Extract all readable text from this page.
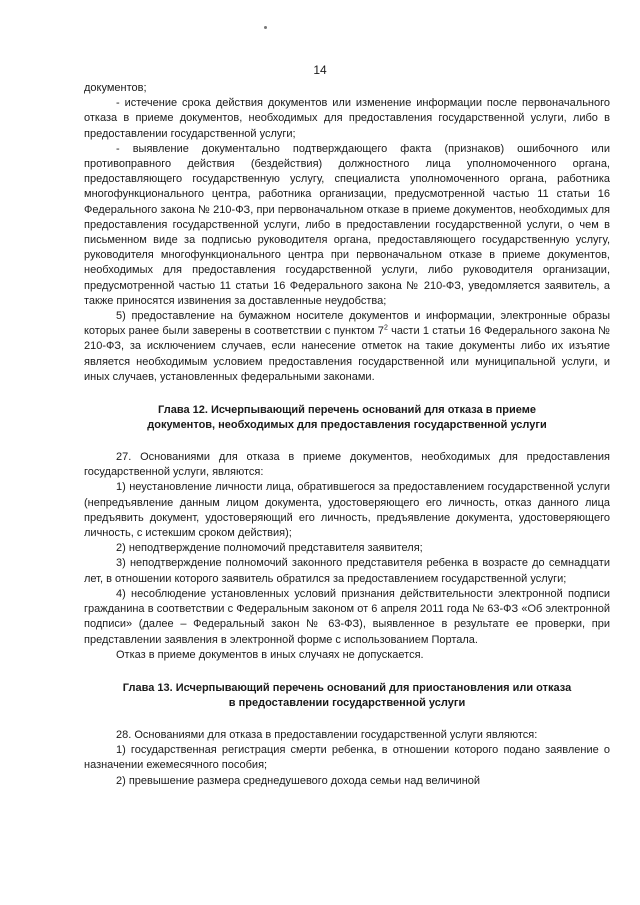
14

документов;

- истечение срока действия документов или изменение информации после первоначального отказа в приеме документов, необходимых для предоставления государственной услуги, либо в предоставлении государственной услуги;

- выявление документально подтверждающего факта (признаков) ошибочного или противоправного действия (бездействия) должностного лица уполномоченного органа, предоставляющего государственную услугу, специалиста уполномоченного органа, работника многофункционального центра, работника организации, предусмотренной частью 11 статьи 16 Федерального закона № 210-ФЗ, при первоначальном отказе в приеме документов, необходимых для предоставления государственной услуги, либо в предоставлении государственной услуги, о чем в письменном виде за подписью руководителя органа, предоставляющего государственную услугу, руководителя многофункционального центра при первоначальном отказе в приеме документов, необходимых для предоставления государственной услуги, либо руководителя организации, предусмотренной частью 11 статьи 16 Федерального закона № 210-ФЗ, уведомляется заявитель, а также приносятся извинения за доставленные неудобства;

5) предоставление на бумажном носителе документов и информации, электронные образы которых ранее были заверены в соответствии с пунктом $7^2$ части 1 статьи 16 Федерального закона № 210-ФЗ, за исключением случаев, если нанесение отметок на такие документы либо их изъятие является необходимым условием предоставления государственной или муниципальной услуги, и иных случаев, установленных федеральными законами.

Глава 12. Исчерпывающий перечень оснований для отказа в приеме
документов, необходимых для предоставления государственной услуги

27. Основаниями для отказа в приеме документов, необходимых для предоставления государственной услуги, являются:

1) неустановление личности лица, обратившегося за предоставлением государственной услуги (непредъявление данным лицом документа, удостоверяющего его личность, отказ данного лица предъявить документ, удостоверяющий его личность, предъявление документа, удостоверяющего личность, с истекшим сроком действия);

2) неподтверждение полномочий представителя заявителя;

3) неподтверждение полномочий законного представителя ребенка в возрасте до семнадцати лет, в отношении которого заявитель обратился за предоставлением государственной услуги;

4) несоблюдение установленных условий признания действительности электронной подписи гражданина в соответствии с Федеральным законом от 6 апреля 2011 года № 63-ФЗ «Об электронной подписи» (далее – Федеральный закон № 63-ФЗ), выявленное в результате ее проверки, при представлении заявления в электронной форме с использованием Портала.

Отказ в приеме документов в иных случаях не допускается.

Глава 13. Исчерпывающий перечень оснований для приостановления или отказа
в предоставлении государственной услуги

28. Основаниями для отказа в предоставлении государственной услуги являются:

1) государственная регистрация смерти ребенка, в отношении которого подано заявление о назначении ежемесячного пособия;

2) превышение размера среднедушевого дохода семьи над величиной
